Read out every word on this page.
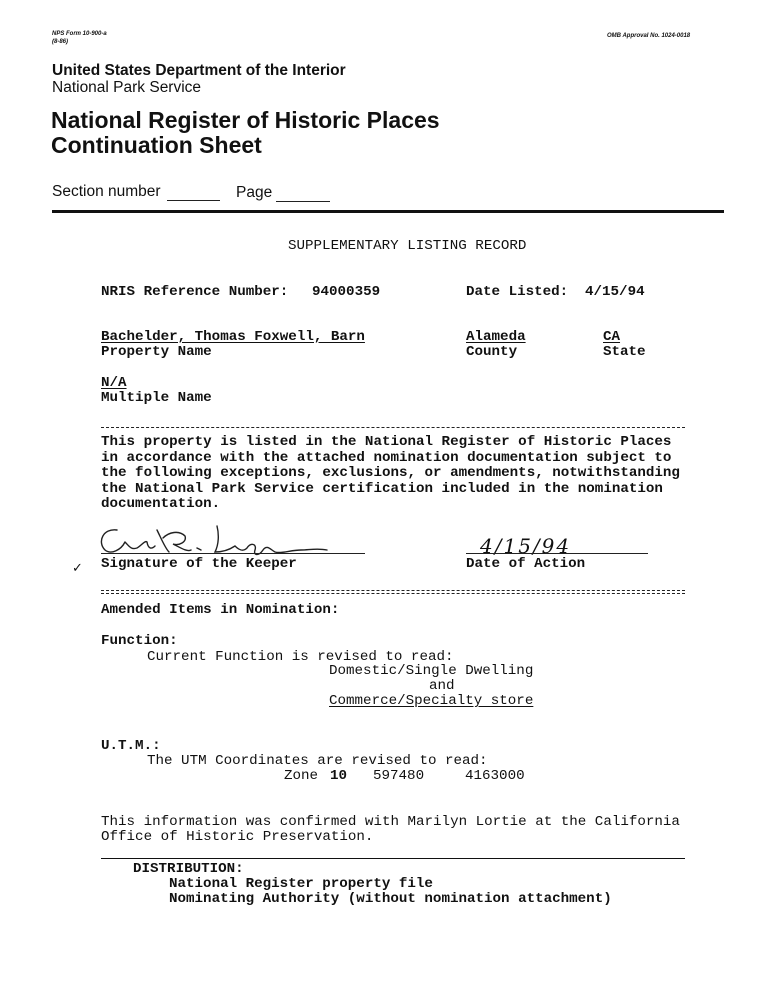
NPS Form 10-900-a
(8-86)
OMB Approval No. 1024-0018
United States Department of the Interior
National Park Service
National Register of Historic Places
Continuation Sheet
Section number	Page
SUPPLEMENTARY LISTING RECORD
NRIS Reference Number: 94000359	Date Listed: 4/15/94
Bachelder, Thomas Foxwell, Barn	Alameda	CA
Property Name	County	State
N/A
Multiple Name
This property is listed in the National Register of Historic Places
in accordance with the attached nomination documentation subject to
the following exceptions, exclusions, or amendments, notwithstanding
the National Park Service certification included in the nomination
documentation.
Signature of the Keeper
✓
4/15/94
Date of Action
Amended Items in Nomination:
Function:
Current Function is revised to read:
Domestic/Single Dwelling
and
Commerce/Specialty store
U.T.M.:
The UTM Coordinates are revised to read:
Zone 10 597480	4163000
This information was confirmed with Marilyn Lortie at the California
Office of Historic Preservation.
DISTRIBUTION:
National Register property file
Nominating Authority (without nomination attachment)
